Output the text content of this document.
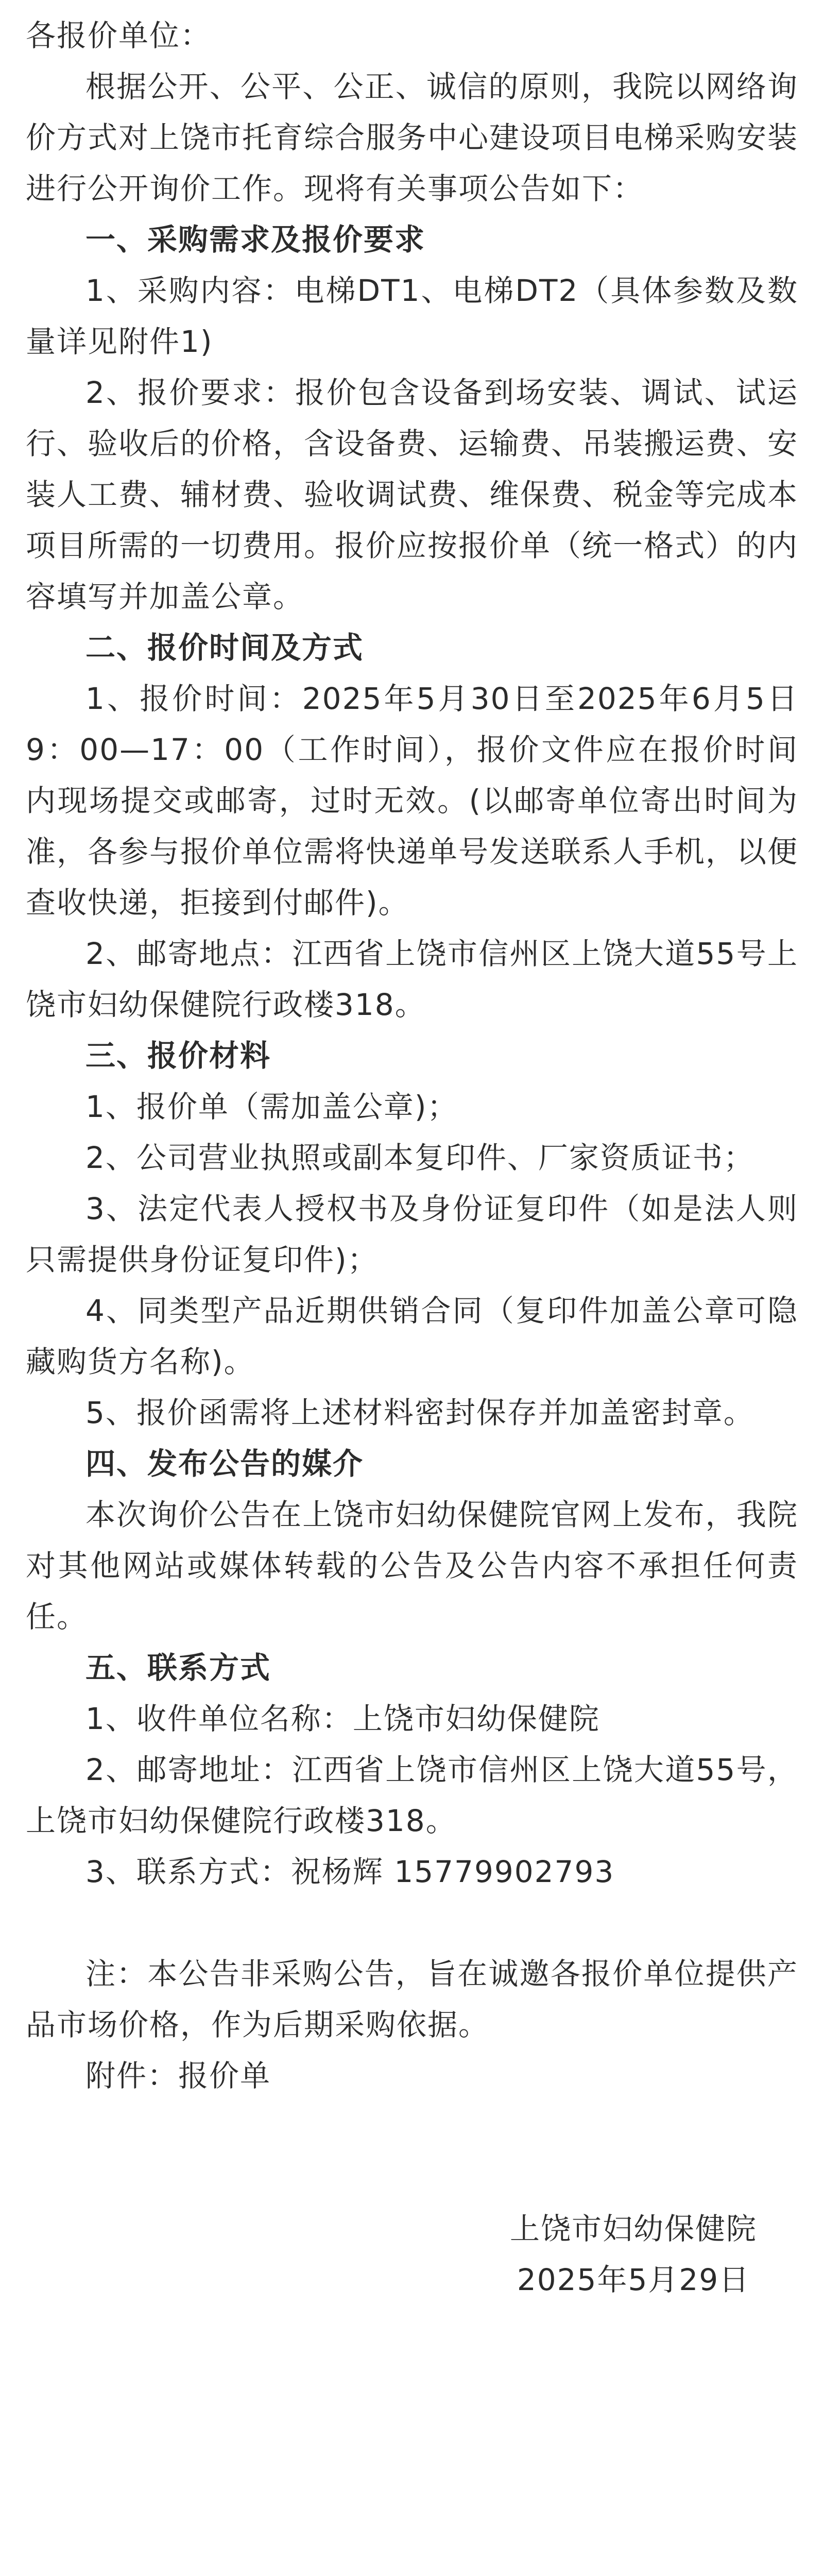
各报价单位：

根据公开、公平、公正、诚信的原则，我院以网络询价方式对上饶市托育综合服务中心建设项目电梯采购安装进行公开询价工作。现将有关事项公告如下：

一、采购需求及报价要求

1、采购内容：电梯DT1、电梯DT2（具体参数及数量详见附件1)

2、报价要求：报价包含设备到场安装、调试、试运行、验收后的价格，含设备费、运输费、吊装搬运费、安装人工费、辅材费、验收调试费、维保费、税金等完成本项目所需的一切费用。报价应按报价单（统一格式）的内容填写并加盖公章。

二、报价时间及方式

1、报价时间：2025年5月30日至2025年6月5日9：00—17：00（工作时间），报价文件应在报价时间内现场提交或邮寄，过时无效。(以邮寄单位寄出时间为准，各参与报价单位需将快递单号发送联系人手机，以便查收快递，拒接到付邮件)。

2、邮寄地点：江西省上饶市信州区上饶大道55号上饶市妇幼保健院行政楼318。

三、报价材料

1、报价单（需加盖公章)；

2、公司营业执照或副本复印件、厂家资质证书；

3、法定代表人授权书及身份证复印件（如是法人则只需提供身份证复印件)；

4、同类型产品近期供销合同（复印件加盖公章可隐藏购货方名称)。

5、报价函需将上述材料密封保存并加盖密封章。

四、发布公告的媒介

本次询价公告在上饶市妇幼保健院官网上发布，我院对其他网站或媒体转载的公告及公告内容不承担任何责任。

五、联系方式

1、收件单位名称：上饶市妇幼保健院

2、邮寄地址：江西省上饶市信州区上饶大道55号，上饶市妇幼保健院行政楼318。

3、联系方式：祝杨辉 15779902793

注：本公告非采购公告，旨在诚邀各报价单位提供产品市场价格，作为后期采购依据。

附件：报价单

上饶市妇幼保健院

2025年5月29日
